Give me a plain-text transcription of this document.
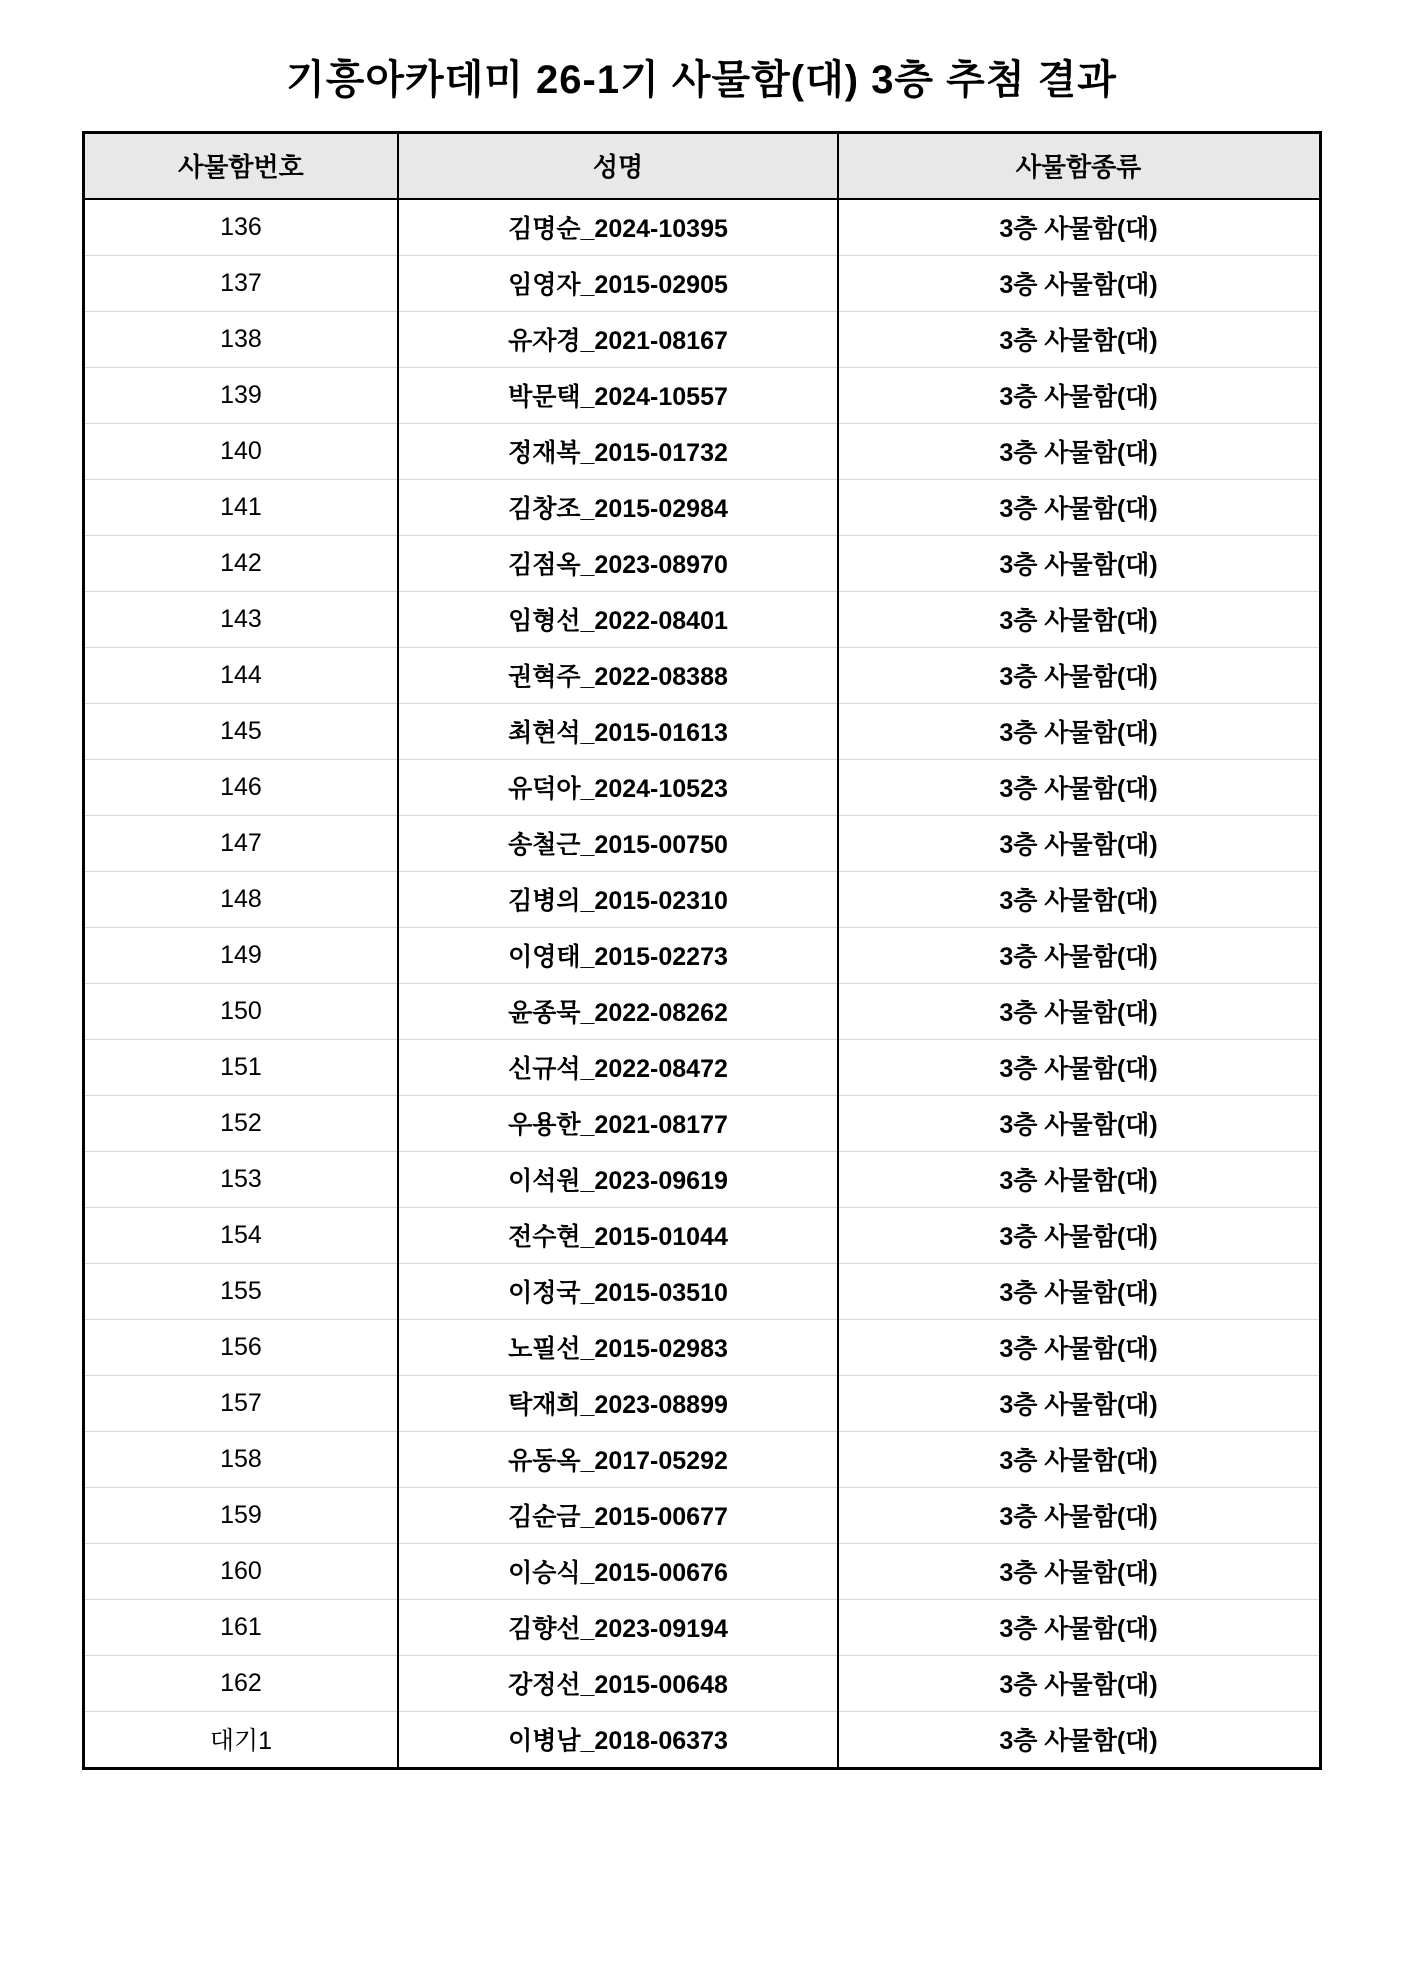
기흥아카데미 26-1기 사물함(대) 3층 추첨 결과
사물함번호	성명	사물함종류
136	김명순_2024-10395	3층 사물함(대)
137	임영자_2015-02905	3층 사물함(대)
138	유자경_2021-08167	3층 사물함(대)
139	박문택_2024-10557	3층 사물함(대)
140	정재복_2015-01732	3층 사물함(대)
141	김창조_2015-02984	3층 사물함(대)
142	김점옥_2023-08970	3층 사물함(대)
143	임형선_2022-08401	3층 사물함(대)
144	권혁주_2022-08388	3층 사물함(대)
145	최현석_2015-01613	3층 사물함(대)
146	유덕아_2024-10523	3층 사물함(대)
147	송철근_2015-00750	3층 사물함(대)
148	김병의_2015-02310	3층 사물함(대)
149	이영태_2015-02273	3층 사물함(대)
150	윤종묵_2022-08262	3층 사물함(대)
151	신규석_2022-08472	3층 사물함(대)
152	우용한_2021-08177	3층 사물함(대)
153	이석원_2023-09619	3층 사물함(대)
154	전수현_2015-01044	3층 사물함(대)
155	이정국_2015-03510	3층 사물함(대)
156	노필선_2015-02983	3층 사물함(대)
157	탁재희_2023-08899	3층 사물함(대)
158	유동옥_2017-05292	3층 사물함(대)
159	김순금_2015-00677	3층 사물함(대)
160	이승식_2015-00676	3층 사물함(대)
161	김향선_2023-09194	3층 사물함(대)
162	강정선_2015-00648	3층 사물함(대)
대기1	이병남_2018-06373	3층 사물함(대)
